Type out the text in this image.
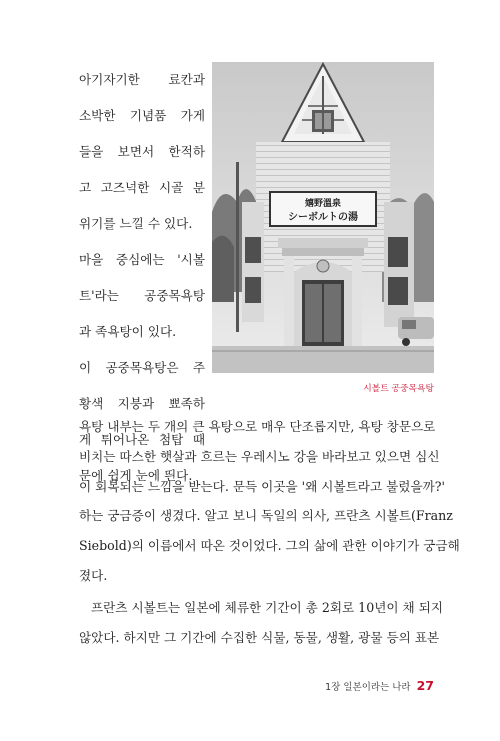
아기자기한 료칸과
소박한 기념품 가게
들을 보면서 한적하
고 고즈넉한 시골 분
위기를 느낄 수 있다.
마을 중심에는 '시볼
트'라는 공중목욕탕
과 족욕탕이 있다.
이 공중목욕탕은 주
황색 지붕과 뾰족하
게 튀어나온 첨탑 때
문에 쉽게 눈에 띈다.
嬉野溫泉
シーボルトの湯
시볼트 공중목욕탕
욕탕 내부는 두 개의 큰 욕탕으로 매우 단조롭지만, 욕탕 창문으로
비치는 따스한 햇살과 흐르는 우레시노 강을 바라보고 있으면 심신
이 회복되는 느낌을 받는다. 문득 이곳을 '왜 시볼트라고 불렀을까?'
하는 궁금증이 생겼다. 알고 보니 독일의 의사, 프란츠 시볼트(Franz
Siebold)의 이름에서 따온 것이었다. 그의 삶에 관한 이야기가 궁금해
졌다.
프란츠 시볼트는 일본에 체류한 기간이 총 2회로 10년이 채 되지
않았다. 하지만 그 기간에 수집한 식물, 동물, 생활, 광물 등의 표본
1장 일본이라는 나라 27
